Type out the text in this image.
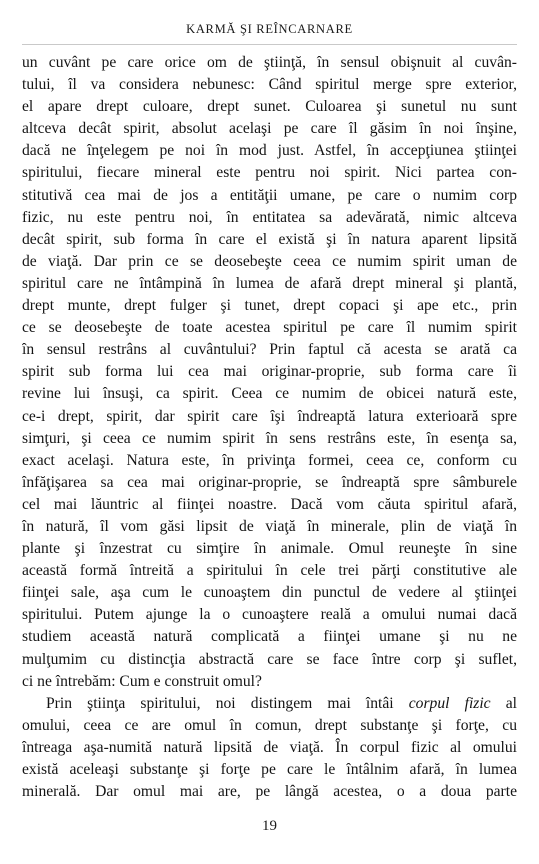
KARMĂ ŞI REÎNCARNARE
un cuvânt pe care orice om de ştiinţă, în sensul obişnuit al cuvân-
tului, îl va considera nebunesc: Când spiritul merge spre exterior,
el apare drept culoare, drept sunet. Culoarea şi sunetul nu sunt
altceva decât spirit, absolut acelaşi pe care îl găsim în noi înşine,
dacă ne înţelegem pe noi în mod just. Astfel, în accepţiunea ştiinţei
spiritului, fiecare mineral este pentru noi spirit. Nici partea con-
stitutivă cea mai de jos a entităţii umane, pe care o numim corp
fizic, nu este pentru noi, în entitatea sa adevărată, nimic altceva
decât spirit, sub forma în care el există şi în natura aparent lipsită
de viaţă. Dar prin ce se deosebeşte ceea ce numim spirit uman de
spiritul care ne întâmpină în lumea de afară drept mineral şi plantă,
drept munte, drept fulger şi tunet, drept copaci şi ape etc., prin
ce se deosebeşte de toate acestea spiritul pe care îl numim spirit
în sensul restrâns al cuvântului? Prin faptul că acesta se arată ca
spirit sub forma lui cea mai originar-proprie, sub forma care îi
revine lui însuşi, ca spirit. Ceea ce numim de obicei natură este,
ce-i drept, spirit, dar spirit care îşi îndreaptă latura exterioară spre
simţuri, şi ceea ce numim spirit în sens restrâns este, în esenţa sa,
exact acelaşi. Natura este, în privinţa formei, ceea ce, conform cu
înfăţişarea sa cea mai originar-proprie, se îndreaptă spre sâmburele
cel mai lăuntric al fiinţei noastre. Dacă vom căuta spiritul afară,
în natură, îl vom găsi lipsit de viaţă în minerale, plin de viaţă în
plante şi înzestrat cu simţire în animale. Omul reuneşte în sine
această formă întreită a spiritului în cele trei părţi constitutive ale
fiinţei sale, aşa cum le cunoaştem din punctul de vedere al ştiinţei
spiritului. Putem ajunge la o cunoaştere reală a omului numai dacă
studiem această natură complicată a fiinţei umane şi nu ne
mulţumim cu distincţia abstractă care se face între corp şi suflet,
ci ne întrebăm: Cum e construit omul?
Prin ştiinţa spiritului, noi distingem mai întâi corpul fizic al
omului, ceea ce are omul în comun, drept substanţe şi forţe, cu
întreaga aşa-numită natură lipsită de viaţă. În corpul fizic al omului
există aceleaşi substanţe şi forţe pe care le întâlnim afară, în lumea
minerală. Dar omul mai are, pe lângă acestea, o a doua parte
19
